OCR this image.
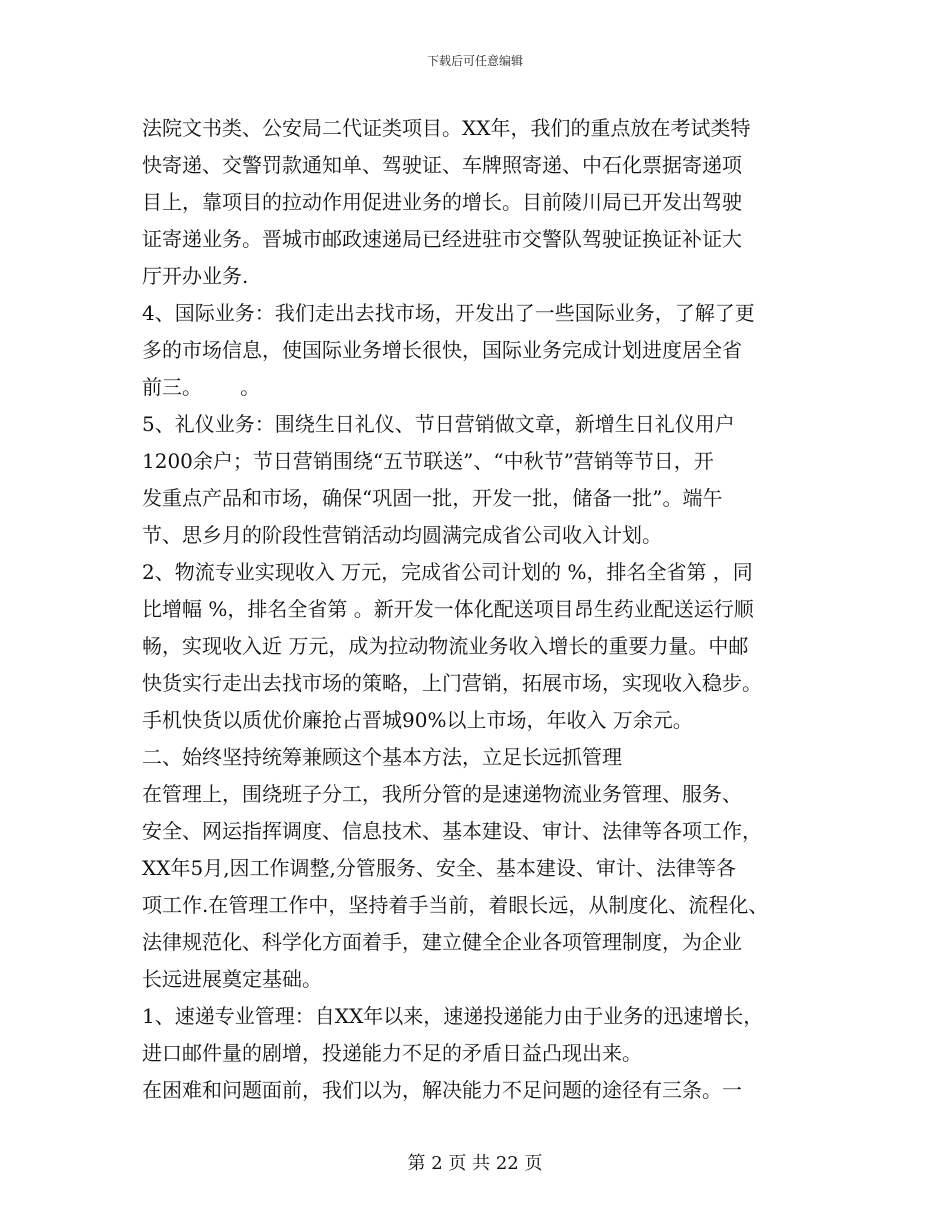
下载后可任意编辑
法院文书类、公安局二代证类项目。XX年，我们的重点放在考试类特
快寄递、交警罚款通知单、驾驶证、车牌照寄递、中石化票据寄递项
目上，靠项目的拉动作用促进业务的增长。目前陵川局已开发出驾驶
证寄递业务。晋城市邮政速递局已经进驻市交警队驾驶证换证补证大
厅开办业务.
4、国际业务：我们走出去找市场，开发出了一些国际业务，了解了更
多的市场信息，使国际业务增长很快，国际业务完成计划进度居全省
前三。      。
5、礼仪业务：围绕生日礼仪、节日营销做文章，新增生日礼仪用户
1200余户；节日营销围绕“五节联送”、“中秋节”营销等节日，开
发重点产品和市场，确保“巩固一批，开发一批，储备一批”。端午
节、思乡月的阶段性营销活动均圆满完成省公司收入计划。
2、物流专业实现收入 万元，完成省公司计划的 %，排名全省第 ，同
比增幅 %，排名全省第 。新开发一体化配送项目昂生药业配送运行顺
畅，实现收入近 万元，成为拉动物流业务收入增长的重要力量。中邮
快货实行走出去找市场的策略，上门营销，拓展市场，实现收入稳步。
手机快货以质优价廉抢占晋城90%以上市场，年收入 万余元。
二、始终坚持统筹兼顾这个基本方法，立足长远抓管理
在管理上，围绕班子分工，我所分管的是速递物流业务管理、服务、
安全、网运指挥调度、信息技术、基本建设、审计、法律等各项工作，
XX年5月,因工作调整,分管服务、安全、基本建设、审计、法律等各
项工作.在管理工作中，坚持着手当前，着眼长远，从制度化、流程化、
法律规范化、科学化方面着手，建立健全企业各项管理制度，为企业
长远进展奠定基础。
1、速递专业管理：自XX年以来，速递投递能力由于业务的迅速增长，
进口邮件量的剧增，投递能力不足的矛盾日益凸现出来。
在困难和问题面前，我们以为，解决能力不足问题的途径有三条。一
第 2 页 共 22 页
